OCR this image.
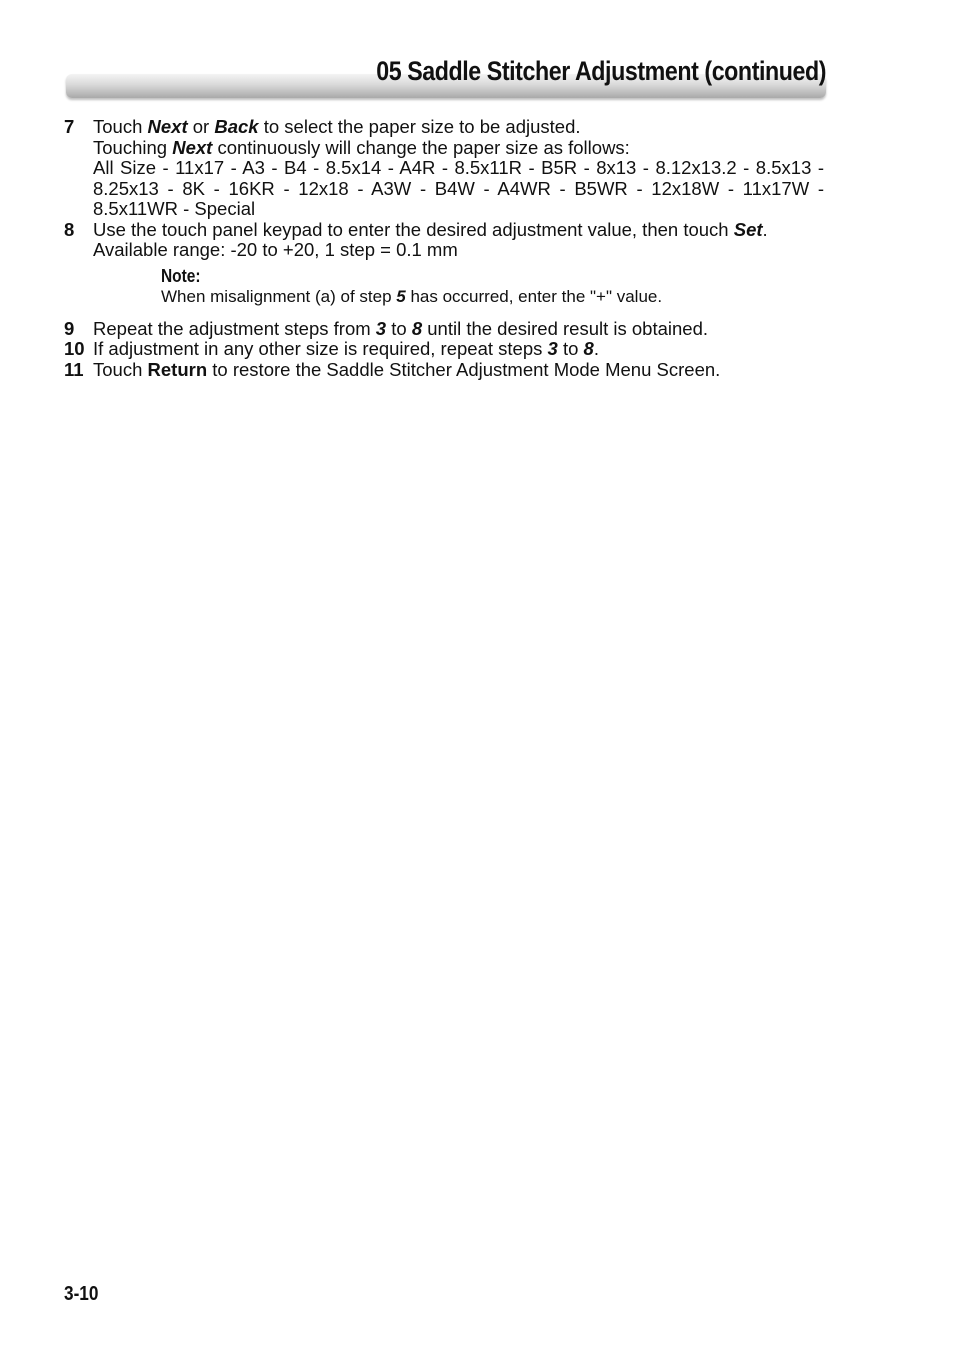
05 Saddle Stitcher Adjustment (continued)
7	Touch Next or Back to select the paper size to be adjusted.
Touching Next continuously will change the paper size as follows:
All Size - 11x17 - A3 - B4 - 8.5x14 - A4R - 8.5x11R - B5R - 8x13 - 8.12x13.2 - 8.5x13 - 8.25x13 - 8K - 16KR - 12x18 - A3W - B4W - A4WR - B5WR - 12x18W - 11x17W - 8.5x11WR - Special
8	Use the touch panel keypad to enter the desired adjustment value, then touch Set.
Available range: -20 to +20, 1 step = 0.1 mm
Note:
When misalignment (a) of step 5 has occurred, enter the "+" value.
9	Repeat the adjustment steps from 3 to 8 until the desired result is obtained.
10 If adjustment in any other size is required, repeat steps 3 to 8.
11 Touch Return to restore the Saddle Stitcher Adjustment Mode Menu Screen.
3-10
